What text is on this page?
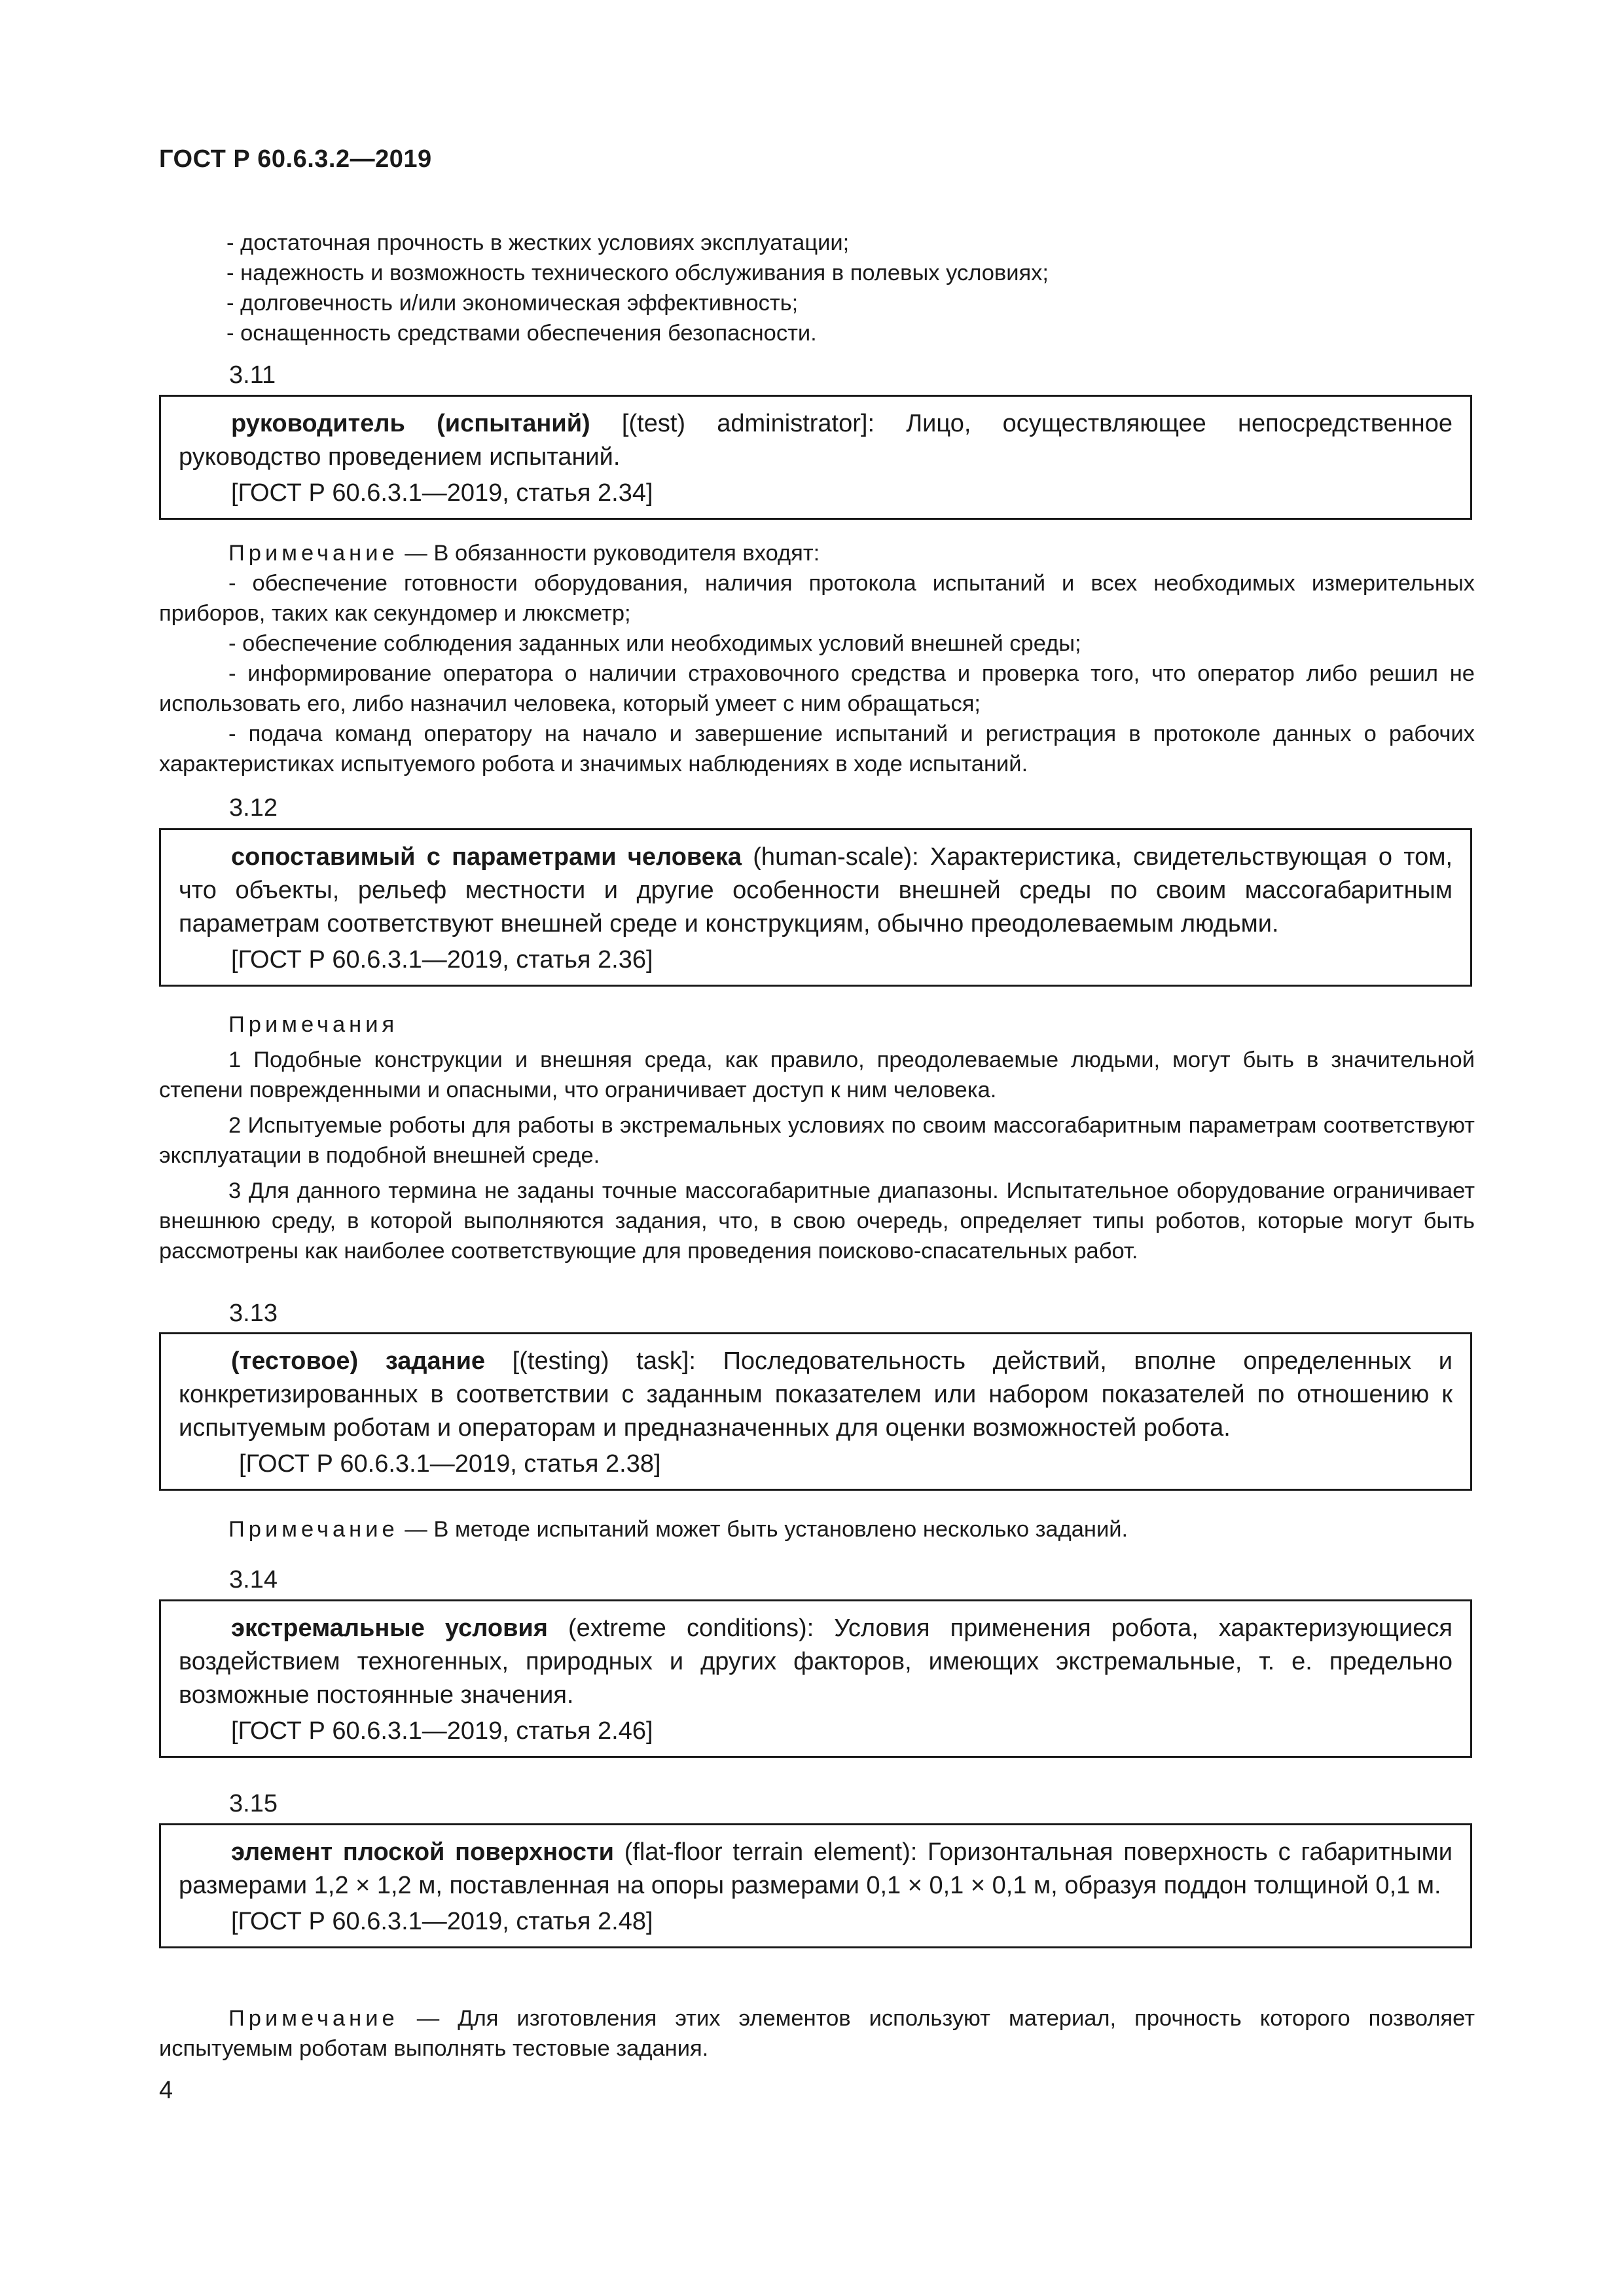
ГОСТ Р 60.6.3.2—2019

- достаточная прочность в жестких условиях эксплуатации;

- надежность и возможность технического обслуживания в полевых условиях;

- долговечность и/или экономическая эффективность;

- оснащенность средствами обеспечения безопасности.

3.11

руководитель (испытаний) [(test) administrator]: Лицо, осуществляющее непосредственное руководство проведением испытаний.

[ГОСТ Р 60.6.3.1—2019, статья 2.34]

Примечание — В обязанности руководителя входят:

- обеспечение готовности оборудования, наличия протокола испытаний и всех необходимых измерительных приборов, таких как секундомер и люксметр;

- обеспечение соблюдения заданных или необходимых условий внешней среды;

- информирование оператора о наличии страховочного средства и проверка того, что оператор либо решил не использовать его, либо назначил человека, который умеет с ним обращаться;

- подача команд оператору на начало и завершение испытаний и регистрация в протоколе данных о рабочих характеристиках испытуемого робота и значимых наблюдениях в ходе испытаний.

3.12

сопоставимый с параметрами человека (human-scale): Характеристика, свидетельствующая о том, что объекты, рельеф местности и другие особенности внешней среды по своим массогабаритным параметрам соответствуют внешней среде и конструкциям, обычно преодолеваемым людьми.

[ГОСТ Р 60.6.3.1—2019, статья 2.36]

Примечания

1 Подобные конструкции и внешняя среда, как правило, преодолеваемые людьми, могут быть в значительной степени поврежденными и опасными, что ограничивает доступ к ним человека.

2 Испытуемые роботы для работы в экстремальных условиях по своим массогабаритным параметрам соответствуют эксплуатации в подобной внешней среде.

3 Для данного термина не заданы точные массогабаритные диапазоны. Испытательное оборудование ограничивает внешнюю среду, в которой выполняются задания, что, в свою очередь, определяет типы роботов, которые могут быть рассмотрены как наиболее соответствующие для проведения поисково-спасательных работ.

3.13

(тестовое) задание [(testing) task]: Последовательность действий, вполне определенных и конкретизированных в соответствии с заданным показателем или набором показателей по отношению к испытуемым роботам и операторам и предназначенных для оценки возможностей робота.

[ГОСТ Р 60.6.3.1—2019, статья 2.38]

Примечание — В методе испытаний может быть установлено несколько заданий.

3.14

экстремальные условия (extreme conditions): Условия применения робота, характеризующиеся воздействием техногенных, природных и других факторов, имеющих экстремальные, т. е. предельно возможные постоянные значения.

[ГОСТ Р 60.6.3.1—2019, статья 2.46]

3.15

элемент плоской поверхности (flat-floor terrain element): Горизонтальная поверхность с габаритными размерами 1,2 × 1,2 м, поставленная на опоры размерами 0,1 × 0,1 × 0,1 м, образуя поддон толщиной 0,1 м.

[ГОСТ Р 60.6.3.1—2019, статья 2.48]

Примечание — Для изготовления этих элементов используют материал, прочность которого позволяет испытуемым роботам выполнять тестовые задания.

4
